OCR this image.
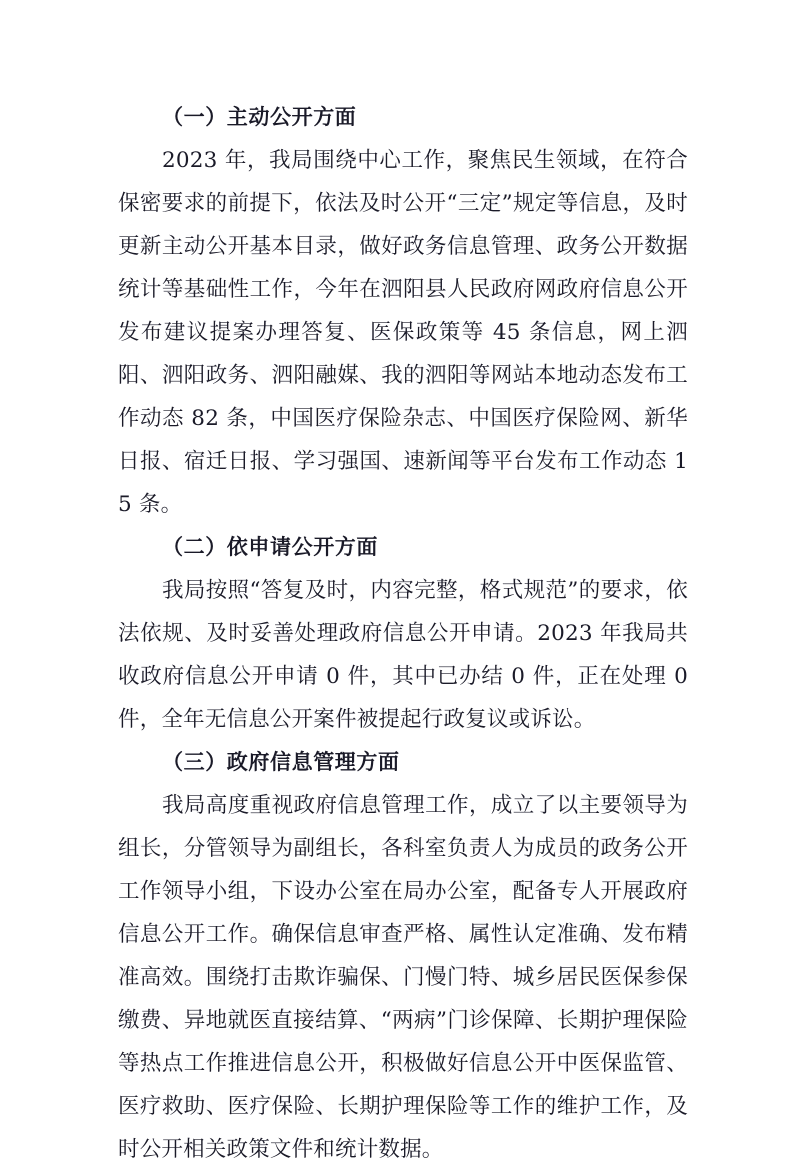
（一）主动公开方面

2023 年，我局围绕中心工作，聚焦民生领域，在符合保密要求的前提下，依法及时公开“三定”规定等信息，及时更新主动公开基本目录，做好政务信息管理、政务公开数据统计等基础性工作，今年在泗阳县人民政府网政府信息公开发布建议提案办理答复、医保政策等 45 条信息，网上泗阳、泗阳政务、泗阳融媒、我的泗阳等网站本地动态发布工作动态 82 条，中国医疗保险杂志、中国医疗保险网、新华日报、宿迁日报、学习强国、速新闻等平台发布工作动态 15 条。

（二）依申请公开方面

我局按照“答复及时，内容完整，格式规范”的要求，依法依规、及时妥善处理政府信息公开申请。2023 年我局共收政府信息公开申请 0 件，其中已办结 0 件，正在处理 0 件，全年无信息公开案件被提起行政复议或诉讼。

（三）政府信息管理方面

我局高度重视政府信息管理工作，成立了以主要领导为组长，分管领导为副组长，各科室负责人为成员的政务公开工作领导小组，下设办公室在局办公室，配备专人开展政府信息公开工作。确保信息审查严格、属性认定准确、发布精准高效。围绕打击欺诈骗保、门慢门特、城乡居民医保参保缴费、异地就医直接结算、“两病”门诊保障、长期护理保险等热点工作推进信息公开，积极做好信息公开中医保监管、医疗救助、医疗保险、长期护理保险等工作的维护工作，及时公开相关政策文件和统计数据。
